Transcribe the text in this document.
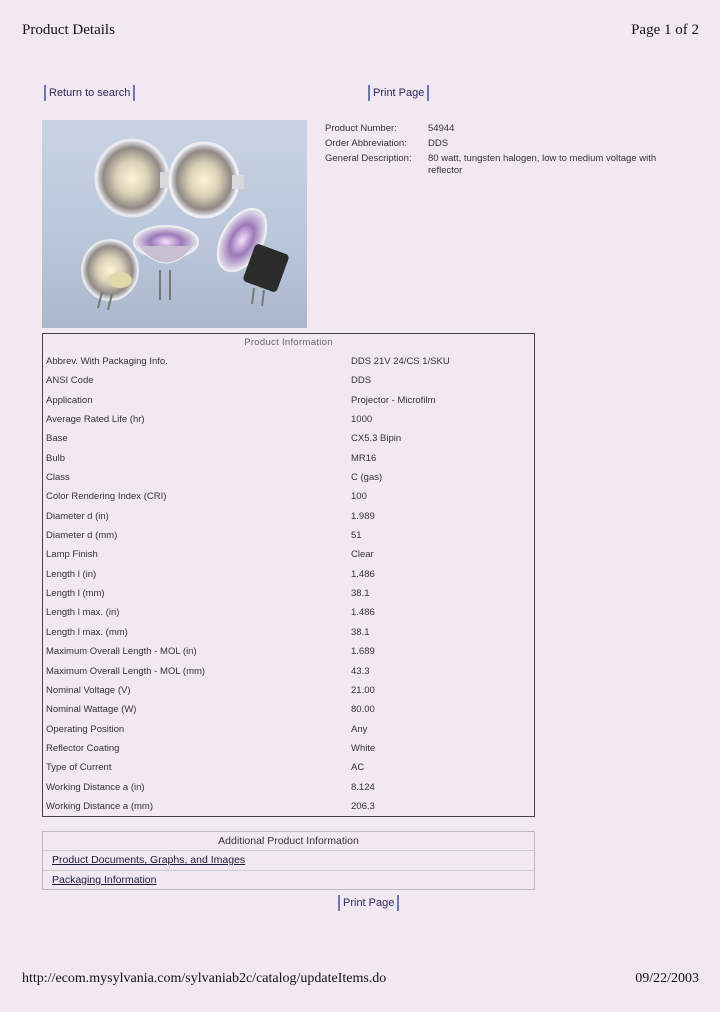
Product Details	Page 1 of 2
Return to search	Print Page
Product Number:	54944
Order Abbreviation:	DDS
General Description:	80 watt, tungsten halogen, low to medium voltage with reflector
Product Information
Abbrev. With Packaging Info.	DDS 21V 24/CS 1/SKU
ANSI Code	DDS
Application	Projector - Microfilm
Average Rated Life (hr)	1000
Base	CX5.3 Bipin
Bulb	MR16
Class	C (gas)
Color Rendering Index (CRI)	100
Diameter d (in)	1.989
Diameter d (mm)	51
Lamp Finish	Clear
Length l (in)	1.486
Length l (mm)	38.1
Length l max. (in)	1.486
Length l max. (mm)	38.1
Maximum Overall Length - MOL (in)	1.689
Maximum Overall Length - MOL (mm)	43.3
Nominal Voltage (V)	21.00
Nominal Wattage (W)	80.00
Operating Position	Any
Reflector Coating	White
Type of Current	AC
Working Distance a (in)	8.124
Working Distance a (mm)	206.3
Additional Product Information
Product Documents, Graphs, and Images
Packaging Information
Print Page
http://ecom.mysylvania.com/sylvaniab2c/catalog/updateItems.do	09/22/2003
